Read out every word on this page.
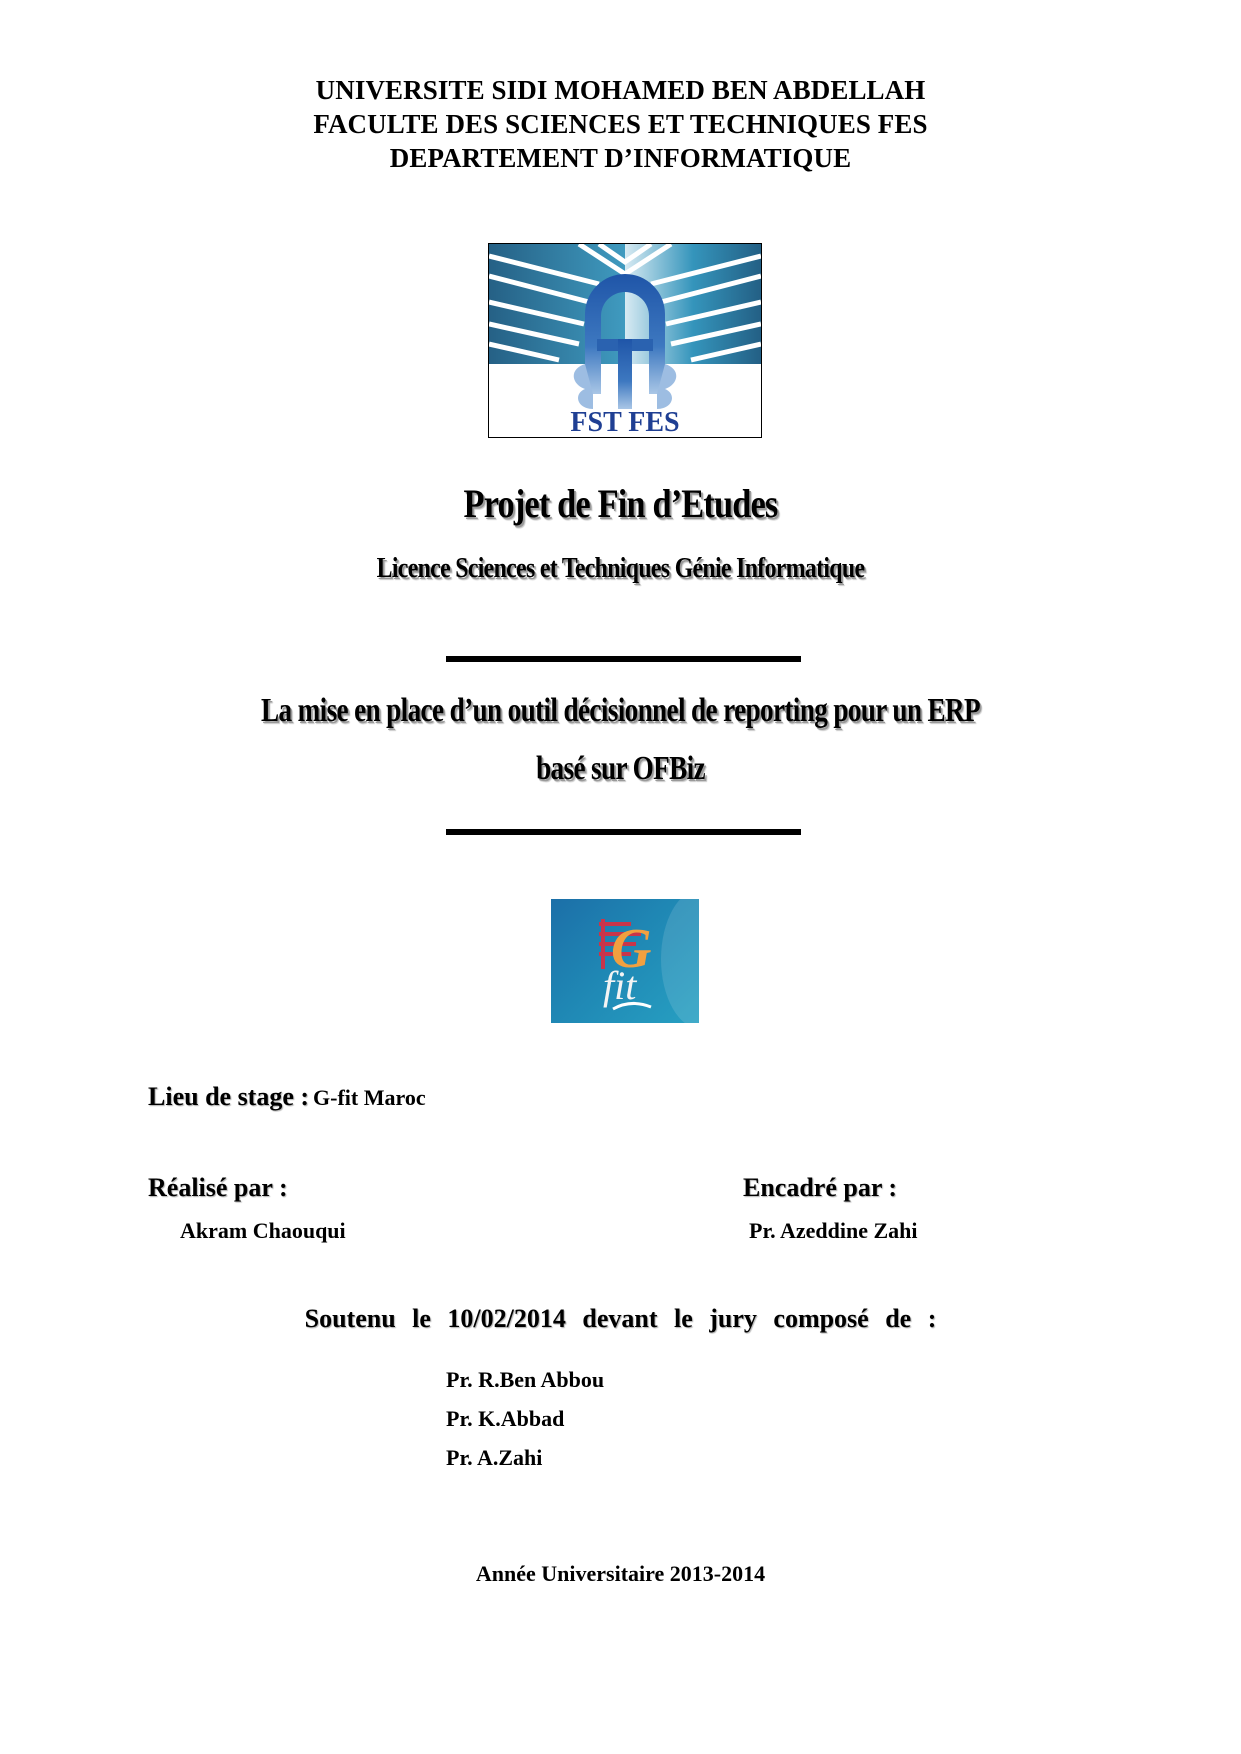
UNIVERSITE SIDI MOHAMED BEN ABDELLAH
FACULTE DES SCIENCES ET TECHNIQUES FES
DEPARTEMENT D’INFORMATIQUE
FST FES
Projet de Fin d’Etudes
Licence Sciences et Techniques Génie Informatique
La mise en place d’un outil décisionnel de reporting pour un ERP
basé sur OFBiz
G
fit
Lieu de stage : G-fit Maroc
Réalisé par :
Akram Chaouqui
Encadré par :
Pr. Azeddine Zahi
Soutenu le 10/02/2014 devant le jury composé de :
Pr. R.Ben Abbou
Pr. K.Abbad
Pr. A.Zahi
Année Universitaire 2013-2014
